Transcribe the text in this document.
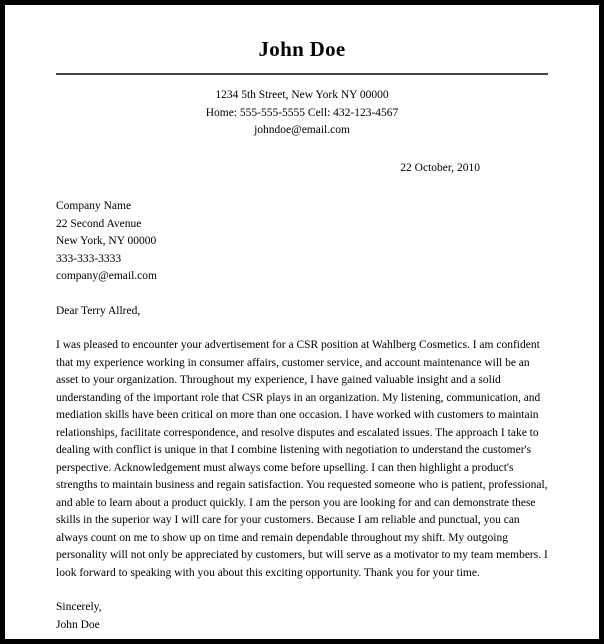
John Doe
1234 5th Street, New York NY 00000
Home: 555-555-5555 Cell: 432-123-4567
johndoe@email.com
22 October, 2010
Company Name
22 Second Avenue
New York, NY 00000
333-333-3333
company@email.com
Dear Terry Allred,
I was pleased to encounter your advertisement for a CSR position at Wahlberg Cosmetics. I am confident that my experience working in consumer affairs, customer service, and account maintenance will be an asset to your organization. Throughout my experience, I have gained valuable insight and a solid understanding of the important role that CSR plays in an organization. My listening, communication, and mediation skills have been critical on more than one occasion. I have worked with customers to maintain relationships, facilitate correspondence, and resolve disputes and escalated issues. The approach I take to dealing with conflict is unique in that I combine listening with negotiation to understand the customer's perspective. Acknowledgement must always come before upselling. I can then highlight a product's strengths to maintain business and regain satisfaction. You requested someone who is patient, professional, and able to learn about a product quickly. I am the person you are looking for and can demonstrate these skills in the superior way I will care for your customers. Because I am reliable and punctual, you can always count on me to show up on time and remain dependable throughout my shift. My outgoing personality will not only be appreciated by customers, but will serve as a motivator to my team members. I look forward to speaking with you about this exciting opportunity. Thank you for your time.
Sincerely,
John Doe
